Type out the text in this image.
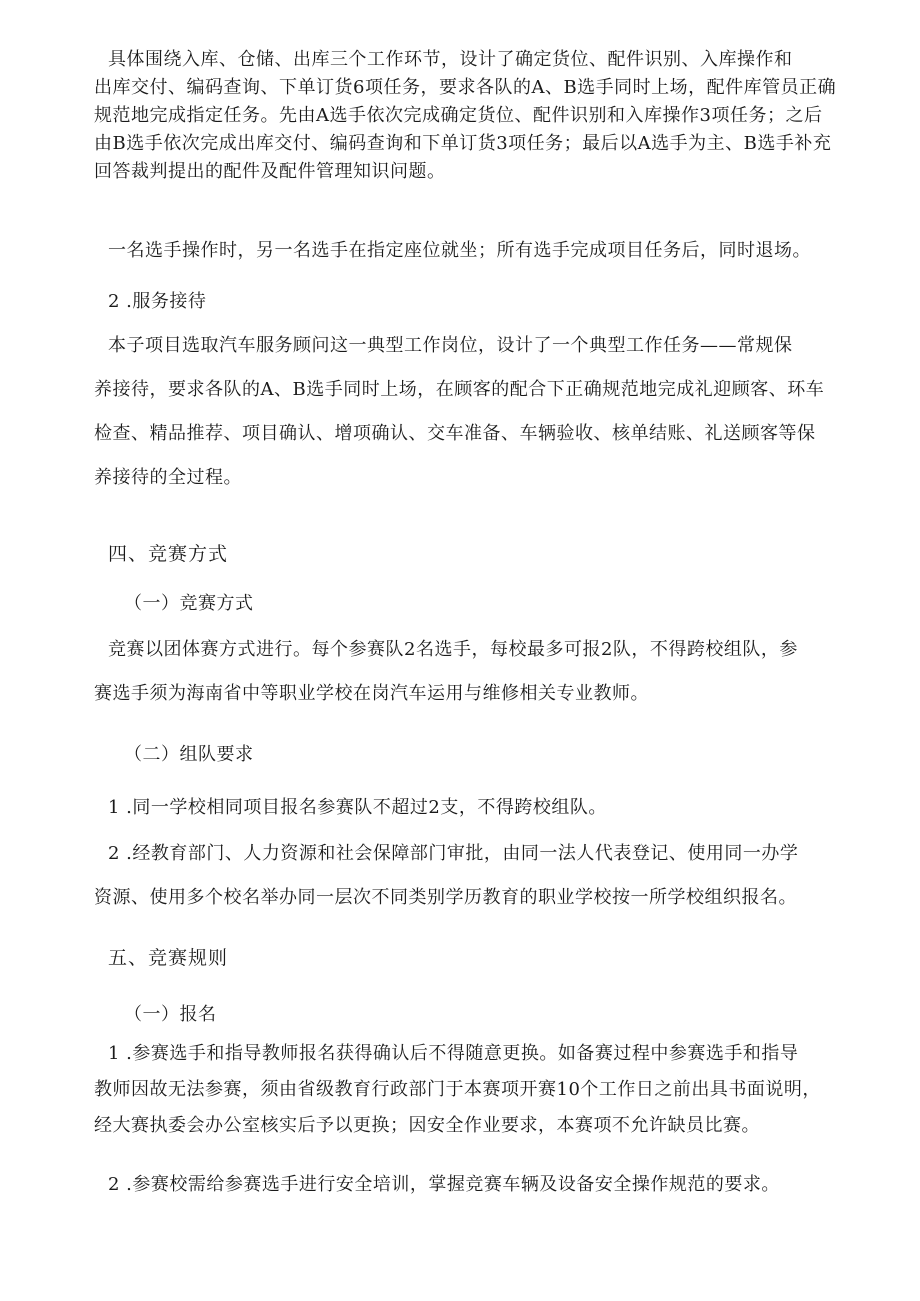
具体围绕入库、仓储、出库三个工作环节，设计了确定货位、配件识别、入库操作和
出库交付、编码查询、下单订货6项任务，要求各队的A、B选手同时上场，配件库管员正确
规范地完成指定任务。先由A选手依次完成确定货位、配件识别和入库操作3项任务；之后
由B选手依次完成出库交付、编码查询和下单订货3项任务；最后以A选手为主、B选手补充
回答裁判提出的配件及配件管理知识问题。
一名选手操作时，另一名选手在指定座位就坐；所有选手完成项目任务后，同时退场。
2 .服务接待
本子项目选取汽车服务顾问这一典型工作岗位，设计了一个典型工作任务——常规保
养接待，要求各队的A、B选手同时上场，在顾客的配合下正确规范地完成礼迎顾客、环车
检查、精品推荐、项目确认、增项确认、交车准备、车辆验收、核单结账、礼送顾客等保
养接待的全过程。
四、竞赛方式
（一）竞赛方式
竞赛以团体赛方式进行。每个参赛队2名选手，每校最多可报2队，不得跨校组队，参
赛选手须为海南省中等职业学校在岗汽车运用与维修相关专业教师。
（二）组队要求
1 .同一学校相同项目报名参赛队不超过2支，不得跨校组队。
2 .经教育部门、人力资源和社会保障部门审批，由同一法人代表登记、使用同一办学
资源、使用多个校名举办同一层次不同类别学历教育的职业学校按一所学校组织报名。
五、竞赛规则
（一）报名
1 .参赛选手和指导教师报名获得确认后不得随意更换。如备赛过程中参赛选手和指导
教师因故无法参赛，须由省级教育行政部门于本赛项开赛10个工作日之前出具书面说明，
经大赛执委会办公室核实后予以更换；因安全作业要求，本赛项不允许缺员比赛。
2 .参赛校需给参赛选手进行安全培训，掌握竞赛车辆及设备安全操作规范的要求。
